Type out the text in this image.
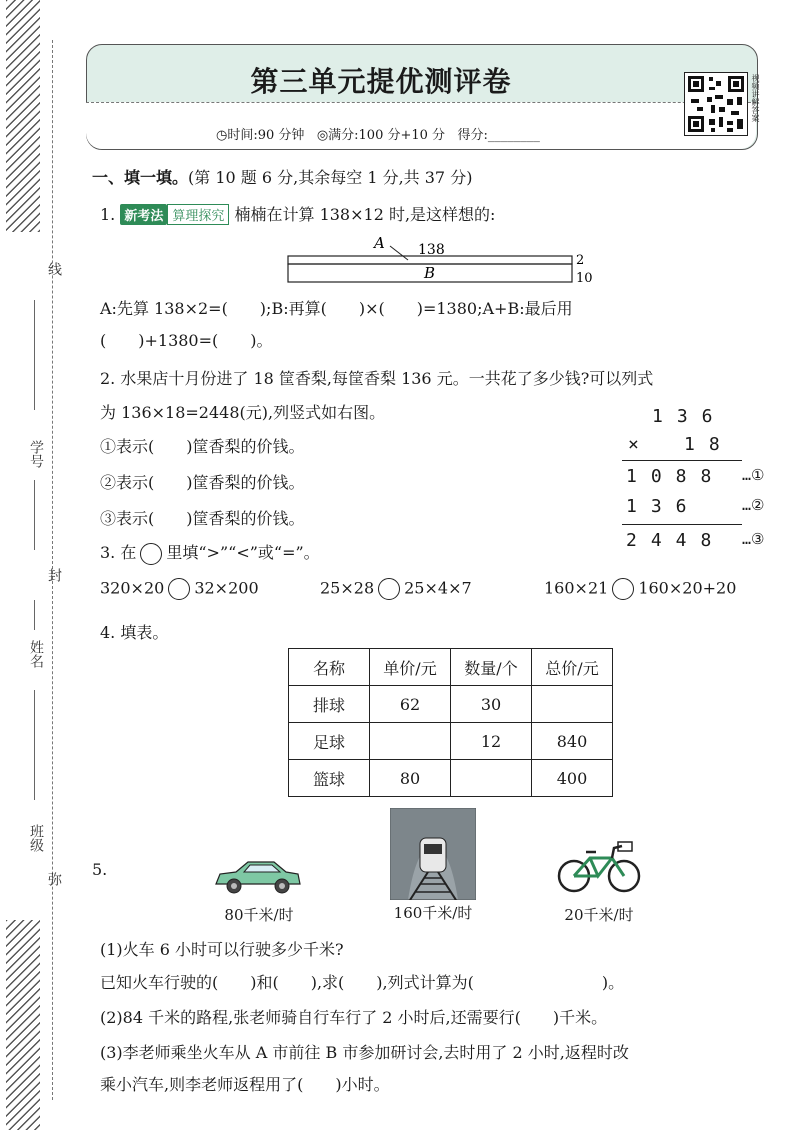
线
学号
封
姓名
班级
弥
第三单元提优测评卷
◷时间:90 分钟 ◎满分:100 分+10 分 得分:________
视频讲解答案
一、填一填。(第 10 题 6 分,其余每空 1 分,共 37 分)
1. 新考法 算理探究 楠楠在计算 138×12 时,是这样想的:
A 138
2
B	10
A:先算 138×2=(　　);B:再算(　　)×(　　)=1380;A+B:最后用
(　　)+1380=(　　)。
2. 水果店十月份进了 18 筐香梨,每筐香梨 136 元。一共花了多少钱?可以列式
为 136×18=2448(元),列竖式如右图。
①表示(　　)筐香梨的价钱。
②表示(　　)筐香梨的价钱。
③表示(　　)筐香梨的价钱。
136
×	18
1088 …①
136	…②
2448 …③
3. 在 里填“>”“<”或“=”。
320×20 32×200	25×28 25×4×7	160×21 160×20+20
4. 填表。
名称	单价/元	数量/个	总价/元
排球	62	30	
足球		12	840
篮球	80		400
5.
80千米/时	160千米/时	20千米/时
(1)火车 6 小时可以行驶多少千米?
已知火车行驶的(　　)和(　　),求(　　),列式计算为(　　　　　　　　)。
(2)84 千米的路程,张老师骑自行车行了 2 小时后,还需要行(　　)千米。
(3)李老师乘坐火车从 A 市前往 B 市参加研讨会,去时用了 2 小时,返程时改
乘小汽车,则李老师返程用了(　　)小时。
